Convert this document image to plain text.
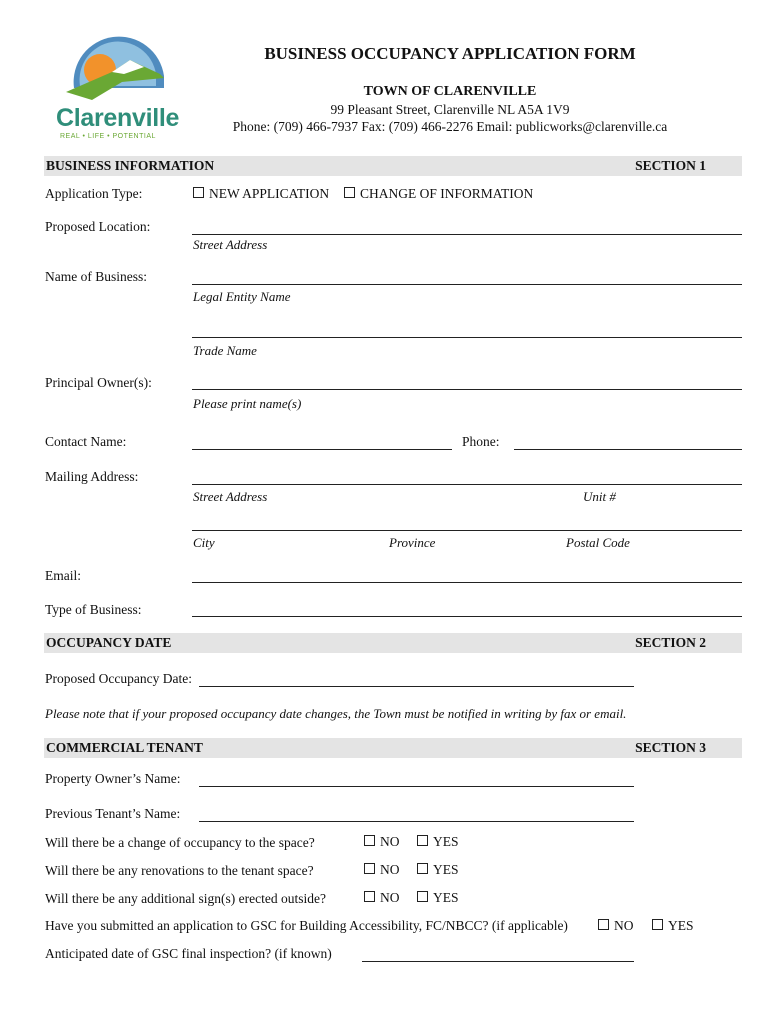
Clarenville
REAL • LIFE • POTENTIAL
BUSINESS OCCUPANCY APPLICATION FORM
TOWN OF CLARENVILLE
99 Pleasant Street, Clarenville NL A5A 1V9
Phone: (709) 466-7937 Fax: (709) 466-2276 Email: publicworks@clarenville.ca
BUSINESS INFORMATION	SECTION 1
Application Type:	NEW APPLICATION	CHANGE OF INFORMATION
Proposed Location:
Street Address
Name of Business:
Legal Entity Name
Trade Name
Principal Owner(s):
Please print name(s)
Contact Name:	Phone:
Mailing Address:
Street Address	Unit #
City	Province	Postal Code
Email:
Type of Business:
OCCUPANCY DATE	SECTION 2
Proposed Occupancy Date:
Please note that if your proposed occupancy date changes, the Town must be notified in writing by fax or email.
COMMERCIAL TENANT	SECTION 3
Property Owner’s Name:
Previous Tenant’s Name:
Will there be a change of occupancy to the space?	NO	YES
Will there be any renovations to the tenant space?	NO	YES
Will there be any additional sign(s) erected outside?	NO	YES
Have you submitted an application to GSC for Building Accessibility, FC/NBCC? (if applicable)	NO	YES
Anticipated date of GSC final inspection? (if known)
